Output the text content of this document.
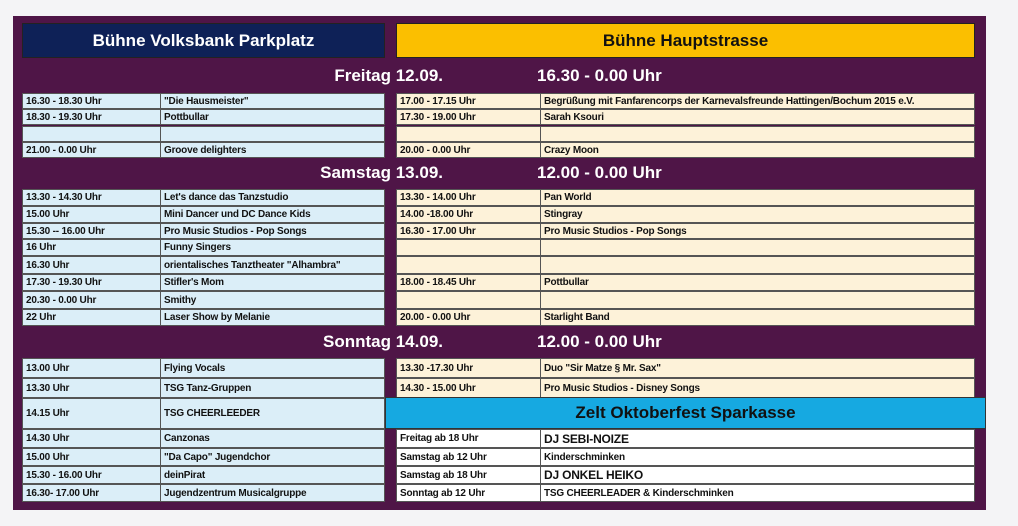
Bühne Volksbank Parkplatz	Bühne Hauptstrasse
Freitag 12.09.	16.30 - 0.00 Uhr
16.30 - 18.30 Uhr	"Die Hausmeister"
18.30 - 19.30 Uhr	Pottbullar
21.00 - 0.00 Uhr	Groove delighters
17.00 - 17.15 Uhr	Begrüßung mit Fanfarencorps der Karnevalsfreunde Hattingen/Bochum 2015 e.V.
17.30 - 19.00 Uhr	Sarah Ksouri
20.00 - 0.00 Uhr	Crazy Moon
Samstag 13.09.	12.00 - 0.00 Uhr
13.30 - 14.30 Uhr	Let's dance das Tanzstudio
15.00 Uhr	Mini Dancer und DC Dance Kids
15.30 -- 16.00 Uhr	Pro Music Studios - Pop Songs
16 Uhr	Funny Singers
16.30 Uhr	orientalisches Tanztheater "Alhambra"
17.30 - 19.30 Uhr	Stifler's Mom
20.30 - 0.00 Uhr	Smithy
22 Uhr	Laser Show by Melanie
13.30 - 14.00 Uhr	Pan World
14.00 -18.00 Uhr	Stingray
16.30 - 17.00 Uhr	Pro Music Studios - Pop Songs
18.00 - 18.45 Uhr	Pottbullar
20.00 - 0.00 Uhr	Starlight Band
Sonntag 14.09.	12.00 - 0.00 Uhr
13.00 Uhr	Flying Vocals
13.30 Uhr	TSG Tanz-Gruppen
14.15 Uhr	TSG CHEERLEEDER
14.30 Uhr	Canzonas
15.00 Uhr	"Da Capo" Jugendchor
15.30 - 16.00 Uhr	deinPirat
16.30- 17.00 Uhr	Jugendzentrum Musicalgruppe
13.30 -17.30 Uhr	Duo "Sir Matze § Mr. Sax"
14.30 - 15.00 Uhr	Pro Music Studios - Disney Songs
Zelt Oktoberfest Sparkasse
Freitag ab 18 Uhr	DJ SEBI-NOIZE
Samstag ab 12 Uhr	Kinderschminken
Samstag ab 18 Uhr	DJ ONKEL HEIKO
Sonntag ab 12 Uhr	TSG CHEERLEADER & Kinderschminken
